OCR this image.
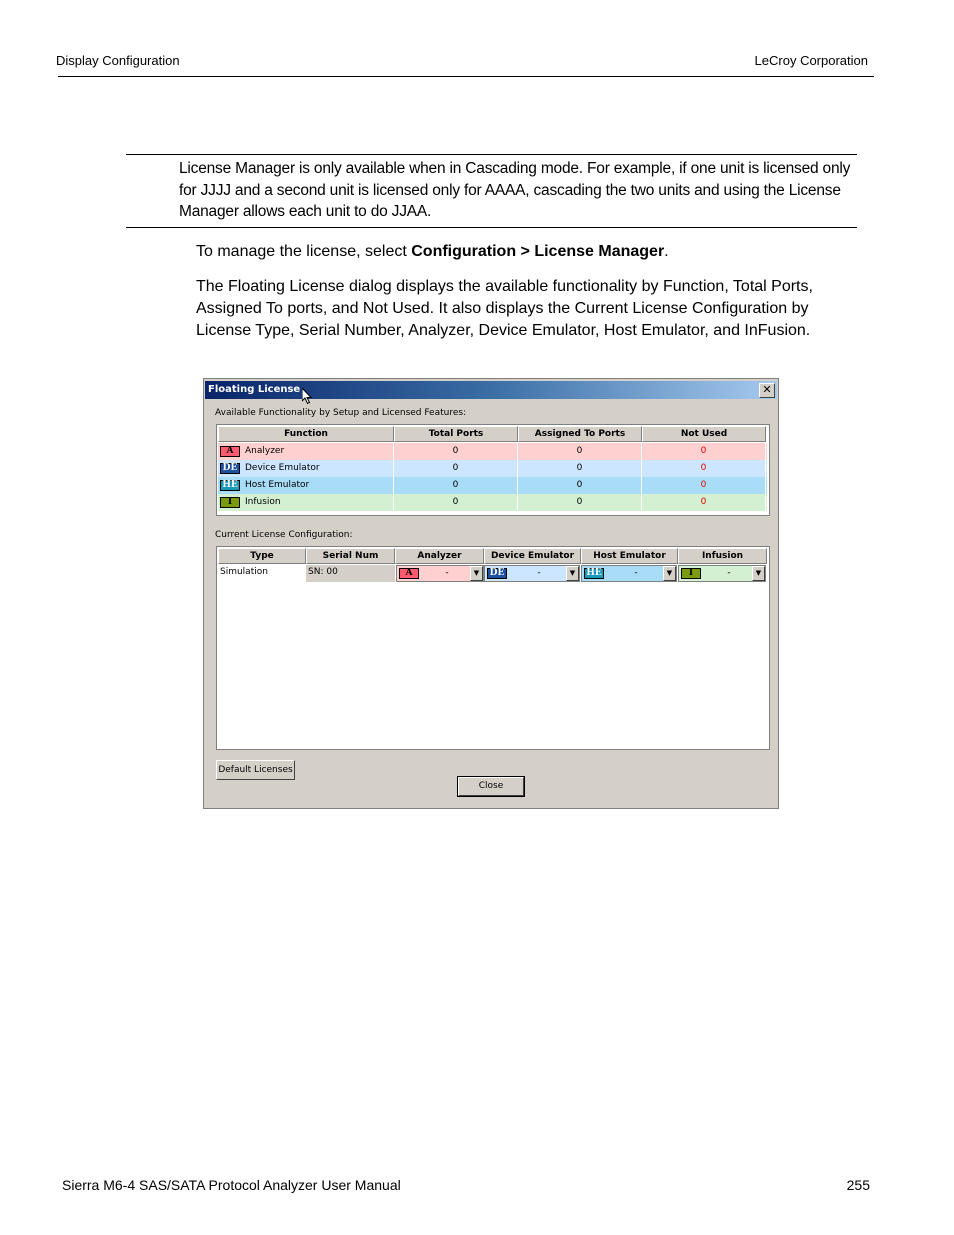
Display Configuration	LeCroy Corporation
License Manager is only available when in Cascading mode. For example, if one unit is licensed only for JJJJ and a second unit is licensed only for AAAA, cascading the two units and using the License Manager allows each unit to do JJAA.
To manage the license, select Configuration > License Manager.
The Floating License dialog displays the available functionality by Function, Total Ports, Assigned To ports, and Not Used. It also displays the Current License Configuration by License Type, Serial Number, Analyzer, Device Emulator, Host Emulator, and InFusion.
Floating License	✕
Available Functionality by Setup and Licensed Features:
Function	Total Ports	Assigned To Ports	Not Used
A	Analyzer	0	0	0
DE Device Emulator	0	0	0
HE Host Emulator	0	0	0
I	Infusion	0	0	0
Current License Configuration:
Type	Serial Num	Analyzer	Device Emulator	Host Emulator	Infusion
Simulation	SN: 00	A	-	▼	DE	-	▼	HE	-	▼	I	-	▼
Default Licenses
Close
Sierra M6-4 SAS/SATA Protocol Analyzer User Manual	255
